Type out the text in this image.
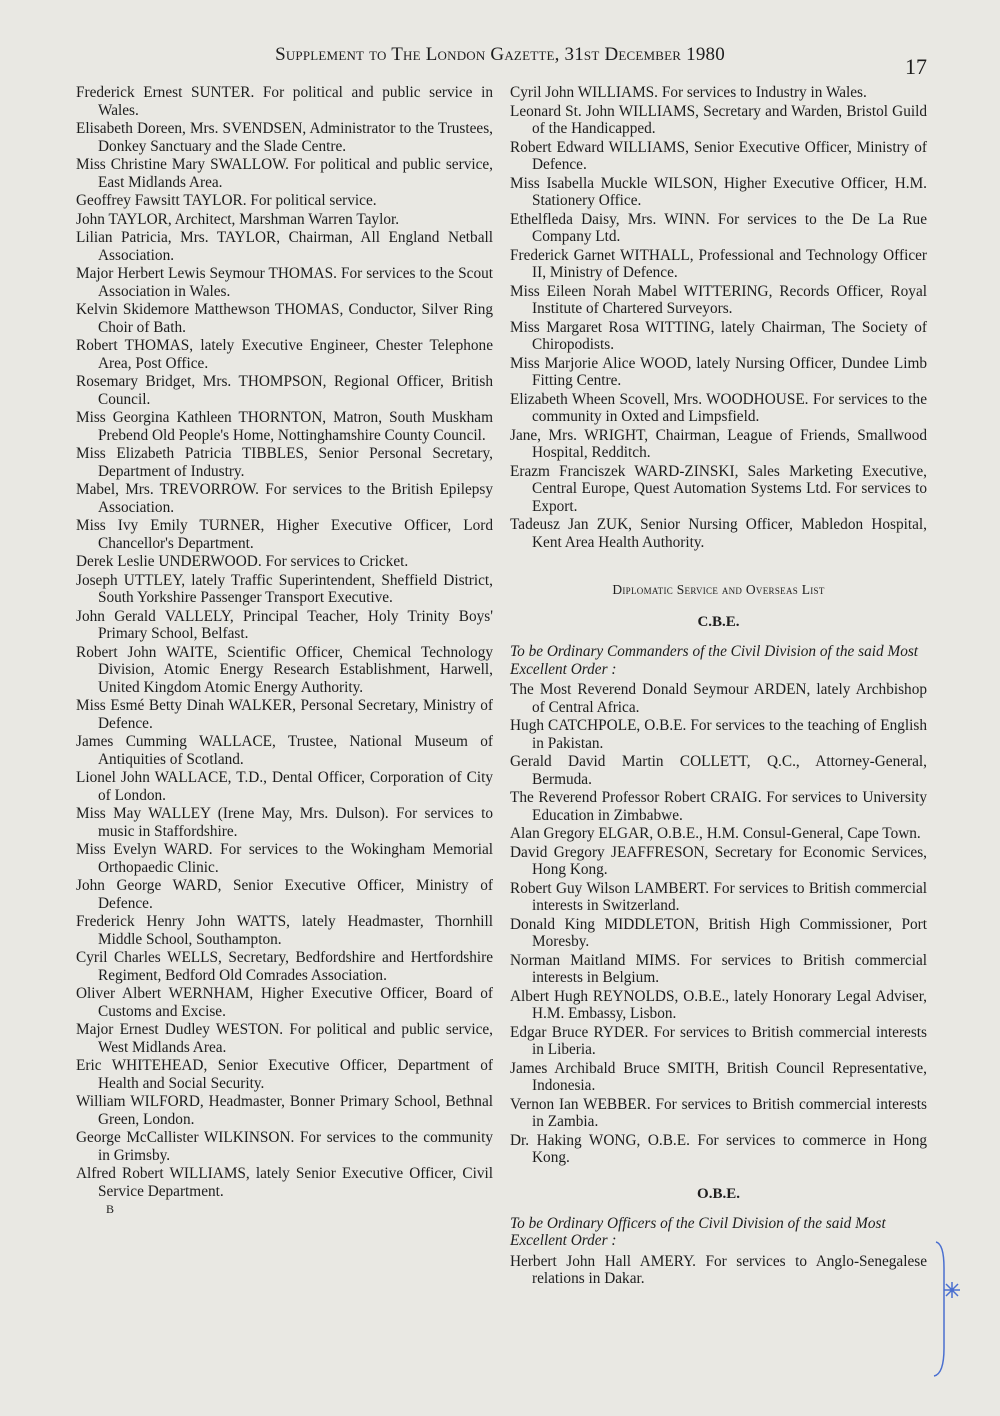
Supplement to The London Gazette, 31st December 1980	17

Frederick Ernest SUNTER. For political and public service in Wales.

Elisabeth Doreen, Mrs. SVENDSEN, Administrator to the Trustees, Donkey Sanctuary and the Slade Centre.

Miss Christine Mary SWALLOW. For political and public service, East Midlands Area.

Geoffrey Fawsitt TAYLOR. For political service.

John TAYLOR, Architect, Marshman Warren Taylor.

Lilian Patricia, Mrs. TAYLOR, Chairman, All England Netball Association.

Major Herbert Lewis Seymour THOMAS. For services to the Scout Association in Wales.

Kelvin Skidemore Matthewson THOMAS, Conductor, Silver Ring Choir of Bath.

Robert THOMAS, lately Executive Engineer, Chester Telephone Area, Post Office.

Rosemary Bridget, Mrs. THOMPSON, Regional Officer, British Council.

Miss Georgina Kathleen THORNTON, Matron, South Muskham Prebend Old People's Home, Nottinghamshire County Council.

Miss Elizabeth Patricia TIBBLES, Senior Personal Secretary, Department of Industry.

Mabel, Mrs. TREVORROW. For services to the British Epilepsy Association.

Miss Ivy Emily TURNER, Higher Executive Officer, Lord Chancellor's Department.

Derek Leslie UNDERWOOD. For services to Cricket.

Joseph UTTLEY, lately Traffic Superintendent, Sheffield District, South Yorkshire Passenger Transport Executive.

John Gerald VALLELY, Principal Teacher, Holy Trinity Boys' Primary School, Belfast.

Robert John WAITE, Scientific Officer, Chemical Technology Division, Atomic Energy Research Establishment, Harwell, United Kingdom Atomic Energy Authority.

Miss Esmé Betty Dinah WALKER, Personal Secretary, Ministry of Defence.

James Cumming WALLACE, Trustee, National Museum of Antiquities of Scotland.

Lionel John WALLACE, T.D., Dental Officer, Corporation of City of London.

Miss May WALLEY (Irene May, Mrs. Dulson). For services to music in Staffordshire.

Miss Evelyn WARD. For services to the Wokingham Memorial Orthopaedic Clinic.

John George WARD, Senior Executive Officer, Ministry of Defence.

Frederick Henry John WATTS, lately Headmaster, Thornhill Middle School, Southampton.

Cyril Charles WELLS, Secretary, Bedfordshire and Hertfordshire Regiment, Bedford Old Comrades Association.

Oliver Albert WERNHAM, Higher Executive Officer, Board of Customs and Excise.

Major Ernest Dudley WESTON. For political and public service, West Midlands Area.

Eric WHITEHEAD, Senior Executive Officer, Department of Health and Social Security.

William WILFORD, Headmaster, Bonner Primary School, Bethnal Green, London.

George McCallister WILKINSON. For services to the community in Grimsby.

Alfred Robert WILLIAMS, lately Senior Executive Officer, Civil Service Department.

B

Cyril John WILLIAMS. For services to Industry in Wales.

Leonard St. John WILLIAMS, Secretary and Warden, Bristol Guild of the Handicapped.

Robert Edward WILLIAMS, Senior Executive Officer, Ministry of Defence.

Miss Isabella Muckle WILSON, Higher Executive Officer, H.M. Stationery Office.

Ethelfleda Daisy, Mrs. WINN. For services to the De La Rue Company Ltd.

Frederick Garnet WITHALL, Professional and Technology Officer II, Ministry of Defence.

Miss Eileen Norah Mabel WITTERING, Records Officer, Royal Institute of Chartered Surveyors.

Miss Margaret Rosa WITTING, lately Chairman, The Society of Chiropodists.

Miss Marjorie Alice WOOD, lately Nursing Officer, Dundee Limb Fitting Centre.

Elizabeth Wheen Scovell, Mrs. WOODHOUSE. For services to the community in Oxted and Limpsfield.

Jane, Mrs. WRIGHT, Chairman, League of Friends, Smallwood Hospital, Redditch.

Erazm Franciszek WARD-ZINSKI, Sales Marketing Executive, Central Europe, Quest Automation Systems Ltd. For services to Export.

Tadeusz Jan ZUK, Senior Nursing Officer, Mabledon Hospital, Kent Area Health Authority.

Diplomatic Service and Overseas List

C.B.E.

To be Ordinary Commanders of the Civil Division of the said Most Excellent Order :

The Most Reverend Donald Seymour ARDEN, lately Archbishop of Central Africa.

Hugh CATCHPOLE, O.B.E. For services to the teaching of English in Pakistan.

Gerald David Martin COLLETT, Q.C., Attorney-General, Bermuda.

The Reverend Professor Robert CRAIG. For services to University Education in Zimbabwe.

Alan Gregory ELGAR, O.B.E., H.M. Consul-General, Cape Town.

David Gregory JEAFFRESON, Secretary for Economic Services, Hong Kong.

Robert Guy Wilson LAMBERT. For services to British commercial interests in Switzerland.

Donald King MIDDLETON, British High Commissioner, Port Moresby.

Norman Maitland MIMS. For services to British commercial interests in Belgium.

Albert Hugh REYNOLDS, O.B.E., lately Honorary Legal Adviser, H.M. Embassy, Lisbon.

Edgar Bruce RYDER. For services to British commercial interests in Liberia.

James Archibald Bruce SMITH, British Council Representative, Indonesia.

Vernon Ian WEBBER. For services to British commercial interests in Zambia.

Dr. Haking WONG, O.B.E. For services to commerce in Hong Kong.

O.B.E.

To be Ordinary Officers of the Civil Division of the said Most Excellent Order :

Herbert John Hall AMERY. For services to Anglo-Senegalese relations in Dakar.
